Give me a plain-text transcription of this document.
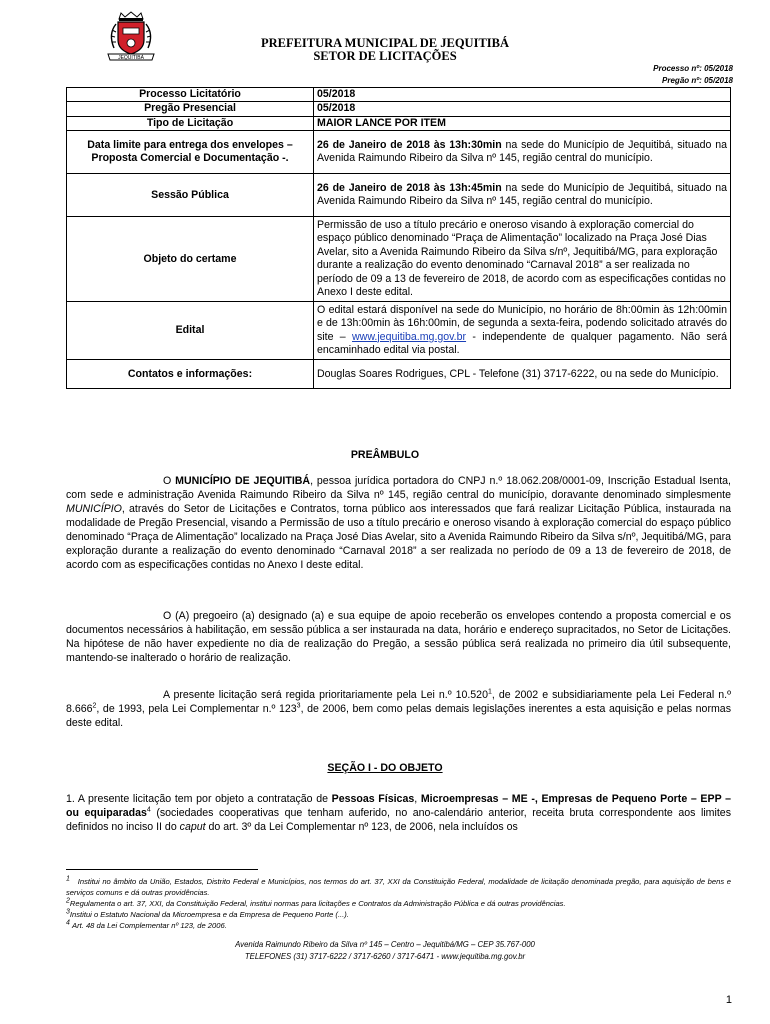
JEQUITIBÁ
PREFEITURA MUNICIPAL DE JEQUITIBÁ
SETOR DE LICITAÇÕES
Processo nº: 05/2018
Pregão nº: 05/2018
Processo Licitatório	05/2018
Pregão Presencial	05/2018
Tipo de Licitação	MAIOR LANCE POR ITEM
Data limite para entrega dos envelopes – Proposta Comercial e Documentação -.	26 de Janeiro de 2018 às 13h:30min na sede do Município de Jequitibá, situado na Avenida Raimundo Ribeiro da Silva nº 145, região central do município.
Sessão Pública	26 de Janeiro de 2018 às 13h:45min na sede do Município de Jequitibá, situado na Avenida Raimundo Ribeiro da Silva nº 145, região central do município.
Objeto do certame	Permissão de uso a título precário e oneroso visando à exploração comercial do espaço público denominado “Praça de Alimentação” localizado na Praça José Dias Avelar, sito a Avenida Raimundo Ribeiro da Silva s/nº, Jequitibá/MG, para exploração durante a realização do evento denominado “Carnaval 2018” a ser realizada no período de 09 a 13 de fevereiro de 2018, de acordo com as especificações contidas no Anexo I deste edital.
Edital	O edital estará disponível na sede do Município, no horário de 8h:00min às 12h:00min e de 13h:00min às 16h:00min, de segunda a sexta-feira, podendo solicitado através do site – www.jequitiba.mg.gov.br - independente de qualquer pagamento. Não será encaminhado edital via postal.
Contatos e informações:	Douglas Soares Rodrigues, CPL - Telefone (31) 3717-6222, ou na sede do Município.
PREÂMBULO

O MUNICÍPIO DE JEQUITIBÁ, pessoa jurídica portadora do CNPJ n.º 18.062.208/0001-09, Inscrição Estadual Isenta, com sede e administração Avenida Raimundo Ribeiro da Silva nº 145, região central do município, doravante denominado simplesmente MUNICÍPIO, através do Setor de Licitações e Contratos, torna público aos interessados que fará realizar Licitação Pública, instaurada na modalidade de Pregão Presencial, visando a Permissão de uso a título precário e oneroso visando à exploração comercial do espaço público denominado “Praça de Alimentação” localizado na Praça José Dias Avelar, sito a Avenida Raimundo Ribeiro da Silva s/nº, Jequitibá/MG, para exploração durante a realização do evento denominado “Carnaval 2018” a ser realizada no período de 09 a 13 de fevereiro de 2018, de acordo com as especificações contidas no Anexo I deste edital.

O (A) pregoeiro (a) designado (a) e sua equipe de apoio receberão os envelopes contendo a proposta comercial e os documentos necessários à habilitação, em sessão pública a ser instaurada na data, horário e endereço supracitados, no Setor de Licitações. Na hipótese de não haver expediente no dia de realização do Pregão, a sessão pública será realizada no primeiro dia útil subsequente, mantendo-se inalterado o horário de realização.

A presente licitação será regida prioritariamente pela Lei n.º 10.520$^1$, de 2002 e subsidiariamente pela Lei Federal n.º 8.666$^2$, de 1993, pela Lei Complementar n.º $123^3$, de 2006, bem como pelas demais legislações inerentes a esta aquisição e pelas normas deste edital.

SEÇÃO I - DO OBJETO

1. A presente licitação tem por objeto a contratação de Pessoas Físicas, Microempresas – ME -, Empresas de Pequeno Porte – EPP – ou equiparadas$^4$ (sociedades cooperativas que tenham auferido, no ano-calendário anterior, receita bruta correspondente aos limites definidos no inciso II do caput do art. 3º da Lei Complementar nº 123, de 2006, nela incluídos os

$^1$ Institui no âmbito da União, Estados, Distrito Federal e Municípios, nos termos do art. 37, XXI da Constituição Federal, modalidade de licitação denominada pregão, para aquisição de bens e serviços comuns e dá outras providências.
$^2$Regulamenta o art. 37, XXI, da Constituição Federal, institui normas para licitações e Contratos da Administração Pública e dá outras providências.
$^3$Institui o Estatuto Nacional da Microempresa e da Empresa de Pequeno Porte (...).
$^4$ Art. 48 da Lei Complementar nº 123, de 2006.
Avenida Raimundo Ribeiro da Silva nº 145 – Centro – Jequitibá/MG – CEP 35.767-000
TELEFONES (31) 3717-6222 / 3717-6260 / 3717-6471 - www.jequitiba.mg.gov.br
1
